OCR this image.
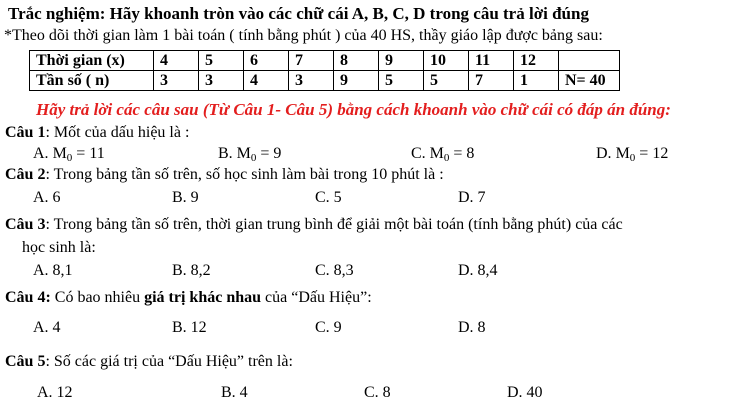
Trắc nghiệm: Hãy khoanh tròn vào các chữ cái A, B, C, D trong câu trả lời đúng
*Theo dõi thời gian làm 1 bài toán ( tính bằng phút ) của 40 HS, thầy giáo lập được bảng sau:
Thời gian (x)	4	5	6	7	8	9	10	11	12	
Tần số ( n)	3	3	4	3	9	5	5	7	1	N= 40
Hãy trả lời các câu sau (Từ Câu 1- Câu 5) bằng cách khoanh vào chữ cái có đáp án đúng:
Câu 1: Mốt của dấu hiệu là :
A. $M_0 = 11$	B. $M_0 = 9$	C. $M_0 = 8$	D. $M_0 = 12$
Câu 2: Trong bảng tần số trên, số học sinh làm bài trong 10 phút là :
A. 6	B. 9	C. 5	D. 7
Câu 3: Trong bảng tần số trên, thời gian trung bình để giải một bài toán (tính bằng phút) của các
học sinh là:
A. 8,1	B. 8,2	C. 8,3	D. 8,4
Câu 4: Có bao nhiêu giá trị khác nhau của “Dấu Hiệu”:
A. 4	B. 12	C. 9	D. 8
Câu 5: Số các giá trị của “Dấu Hiệu” trên là:
A. 12	B. 4	C. 8	D. 40
